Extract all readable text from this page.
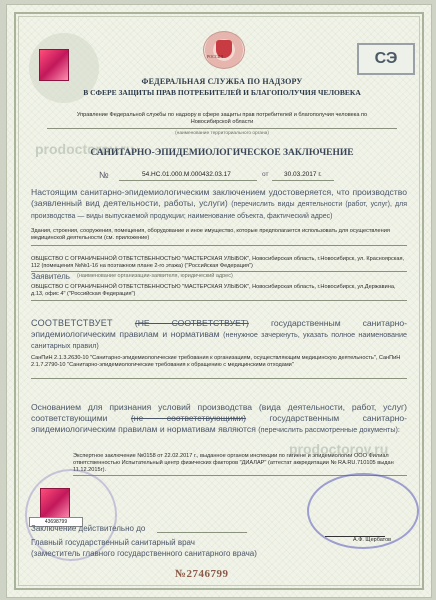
РОССИЯ	СЭ
ФЕДЕРАЛЬНАЯ СЛУЖБА ПО НАДЗОРУ
В СФЕРЕ ЗАЩИТЫ ПРАВ ПОТРЕБИТЕЛЕЙ И БЛАГОПОЛУЧИЯ ЧЕЛОВЕКА
Управление Федеральной службы по надзору в сфере защиты прав потребителей и благополучия человека по
Новосибирской области
(наименование территориального органа)
prodoctorov.ru
САНИТАРНО-ЭПИДЕМИОЛОГИЧЕСКОЕ ЗАКЛЮЧЕНИЕ
№	54.НС.01.000.М.000432.03.17	от 30.03.2017 г.
Настоящим санитарно-эпидемиологическим заключением удостоверяется, что производство (заявленный вид деятельности, работы, услуги) (перечислить виды деятельности (работ, услуг), для производства — виды выпускаемой продукции; наименование объекта, фактический адрес)
Здания, строения, сооружения, помещения, оборудование и иное имущество, которые предполагается использовать для осуществления медицинской деятельности (см. приложение)
ОБЩЕСТВО С ОГРАНИЧЕННОЙ ОТВЕТСТВЕННОСТЬЮ "МАСТЕРСКАЯ УЛЫБОК", Новосибирская область, г.Новосибирск, ул. Красноярская, 112 (помещения №№1-16 на поэтажном плане 2-го этажа) ("Российская Федерация")
Заявитель (наименование организации-заявителя, юридический адрес)
ОБЩЕСТВО С ОГРАНИЧЕННОЙ ОТВЕТСТВЕННОСТЬЮ "МАСТЕРСКАЯ УЛЫБОК", Новосибирская область, г.Новосибирск, ул.Державина, д.13, офис 4" ("Российская Федерация")
СООТВЕТСТВУЕТ	(НЕ СООТВЕТСТВУЕТ)	государственным санитарно-эпидемиологическим правилам и нормативам (ненужное зачеркнуть, указать полное наименование санитарных правил)
СанПиН 2.1.3.2630-10 "Санитарно-эпидемиологические требования к организациям, осуществляющим медицинскую деятельность", СанПиН 2.1.7.2790-10 "Санитарно-эпидемиологические требования к обращению с медицинскими отходами"
Основанием для признания условий производства (вида деятельности, работ, услуг) соответствующими	(не соответствующими)	государственным санитарно-эпидемиологическим правилам и нормативам являются (перечислить рассмотренные документы):
prodoctorov.ru
Экспертное заключение №0158 от 22.02.2017 г., выданное органом инспекции по гигиене и эпидемиологии ООО Филиал ответственностью Испытательный центр физических факторов "ДИАЛАР" (аттестат аккредитации № RA.RU.710105 выдан 11.12.2015г).
43698799
Заключение действительно до
Главный государственный санитарный врач
(заместитель главного государственного санитарного врача)
А.Ф. Щербатов
№2746799
